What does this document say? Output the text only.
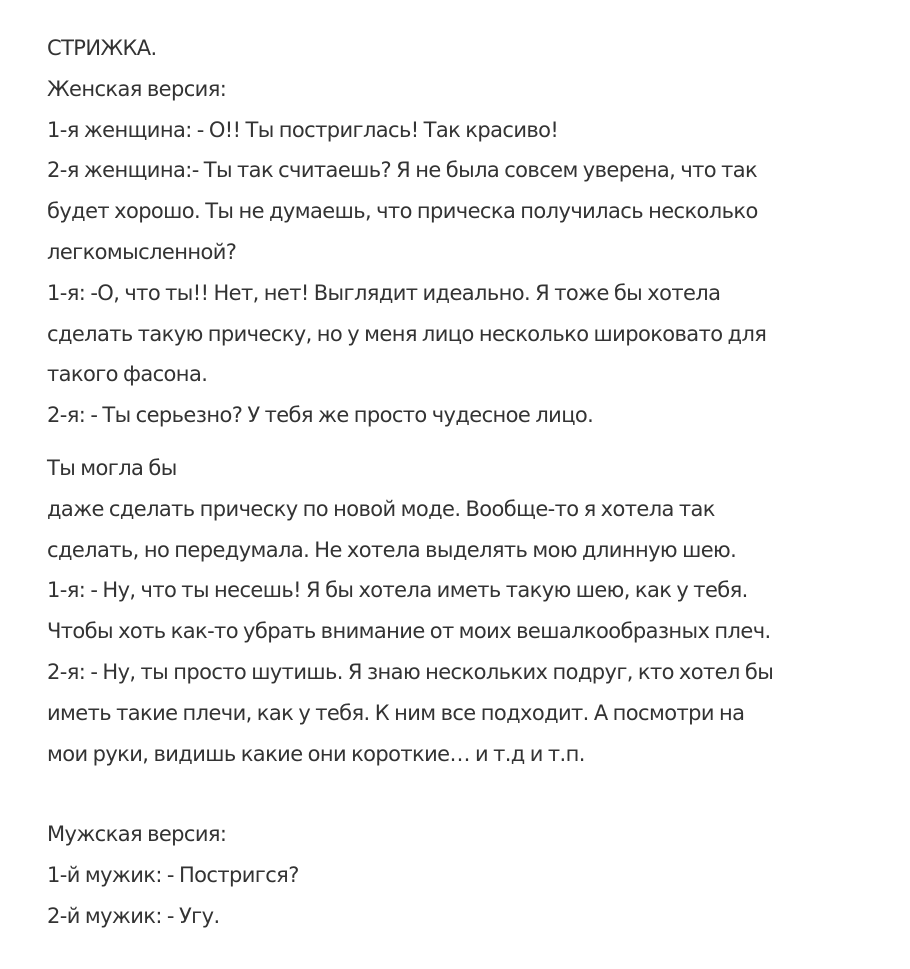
СТРИЖКА.
Женская версия:
1-я женщина: - О!! Ты постриглась! Так красиво!
2-я женщина:- Ты так считаешь? Я не была совсем уверена, что так
будет хорошо. Ты не думаешь, что прическа получилась несколько
легкомысленной?
1-я: -О, что ты!! Нет, нет! Выглядит идеально. Я тоже бы хотела
сделать такую прическу, но у меня лицо несколько широковато для
такого фасона.
2-я: - Ты серьезно? У тебя же просто чудесное лицо.
Ты могла бы
даже сделать прическу по новой моде. Вообще-то я хотела так
сделать, но передумала. Не хотела выделять мою длинную шею.
1-я: - Ну, что ты несешь! Я бы хотела иметь такую шею, как у тебя.
Чтобы хоть как-то убрать внимание от моих вешалкообразных плеч.
2-я: - Ну, ты просто шутишь. Я знаю нескольких подруг, кто хотел бы
иметь такие плечи, как у тебя. К ним все подходит. А посмотри на
мои руки, видишь какие они короткие… и т.д и т.п.
Мужская версия:
1-й мужик: - Постригся?
2-й мужик: - Угу.
